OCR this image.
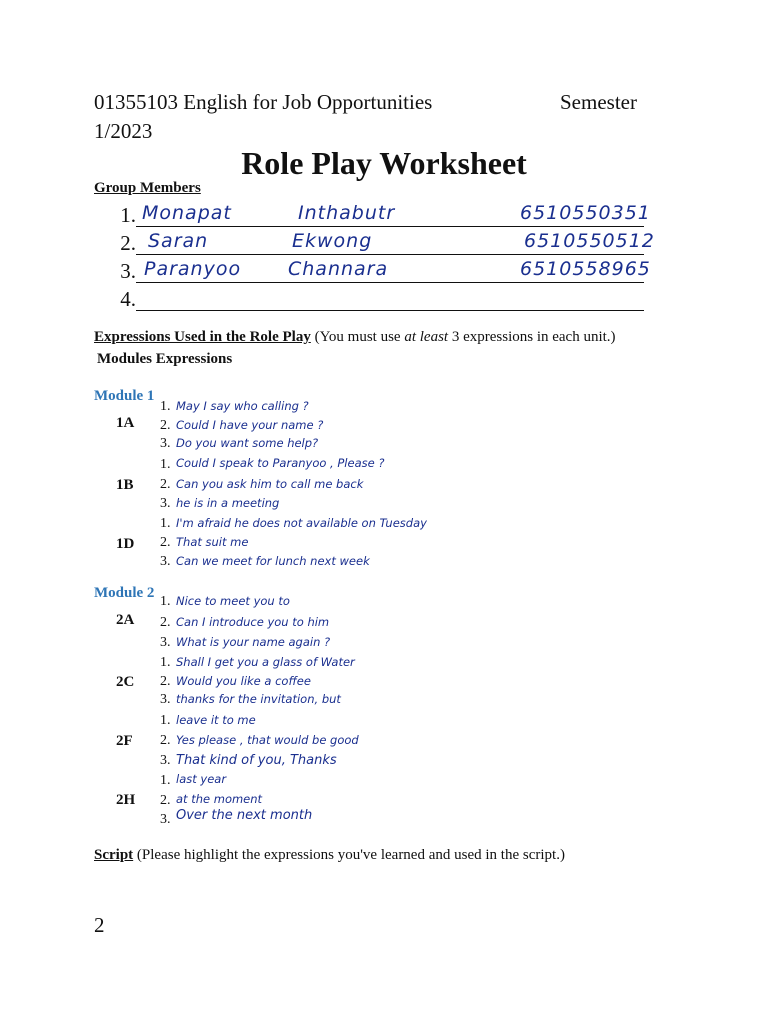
01355103 English for Job Opportunities	Semester
1/2023
Role Play Worksheet
Group Members
1. Monapat	Inthabutr	6510550351
2. Saran	Ekwong	6510550512
3. Paranyoo Channara	6510558965
4.
Expressions Used in the Role Play (You must use at least 3 expressions in each unit.)
Modules Expressions
Module 1
1A
1. May I say who calling ?
2. Could I have your name ?
3. Do you want some help?
1B
1. Could I speak to Paranyoo , Please ?
2. Can you ask him to call me back
3. he is in a meeting
1D
1. I'm afraid he does not available on Tuesday
2. That suit me
3. Can we meet for lunch next week
Module 2
2A
1. Nice to meet you to
2. Can I introduce you to him
3. What is your name again ?
2C
1. Shall I get you a glass of Water
2. Would you like a coffee
3. thanks for the invitation, but
2F
1. leave it to me
2. Yes please , that would be good
3. That kind of you, Thanks
2H
1. last year
2. at the moment
3. Over the next month
Script (Please highlight the expressions you've learned and used in the script.)
2
